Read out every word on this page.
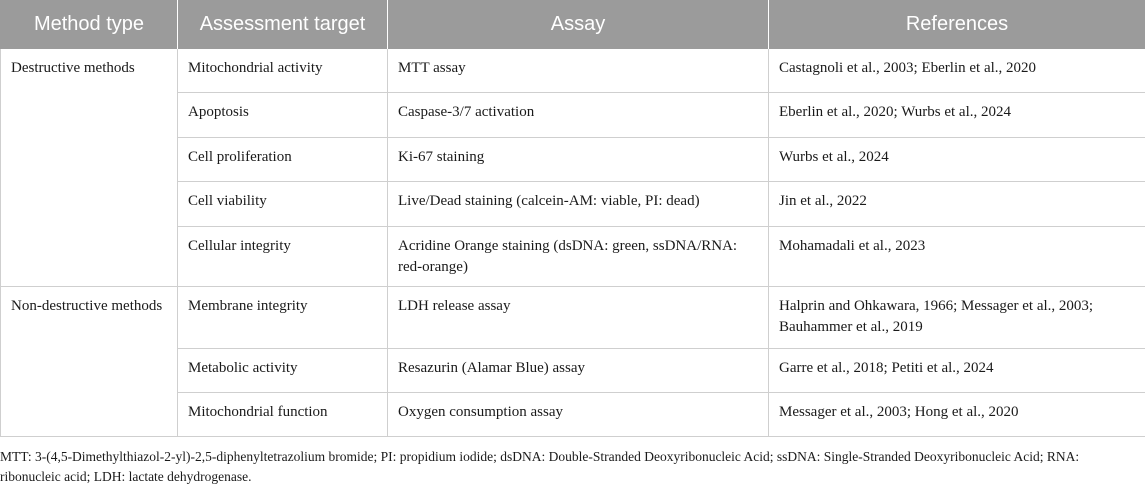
Method type	Assessment target	Assay	References
Destructive methods	Mitochondrial activity	MTT assay	Castagnoli et al., 2003; Eberlin et al., 2020
	Apoptosis	Caspase-3/7 activation	Eberlin et al., 2020; Wurbs et al., 2024
	Cell proliferation	Ki-67 staining	Wurbs et al., 2024
	Cell viability	Live/Dead staining (calcein-AM: viable, PI: dead)	Jin et al., 2022
	Cellular integrity	Acridine Orange staining (dsDNA: green, ssDNA/RNA: red-orange)	Mohamadali et al., 2023
Non-destructive methods	Membrane integrity	LDH release assay	Halprin and Ohkawara, 1966; Messager et al., 2003; Bauhammer et al., 2019
	Metabolic activity	Resazurin (Alamar Blue) assay	Garre et al., 2018; Petiti et al., 2024
	Mitochondrial function	Oxygen consumption assay	Messager et al., 2003; Hong et al., 2020

MTT: 3-(4,5-Dimethylthiazol-2-yl)-2,5-diphenyltetrazolium bromide; PI: propidium iodide; dsDNA: Double-Stranded Deoxyribonucleic Acid; ssDNA: Single-Stranded Deoxyribonucleic Acid; RNA: ribonucleic acid; LDH: lactate dehydrogenase.
